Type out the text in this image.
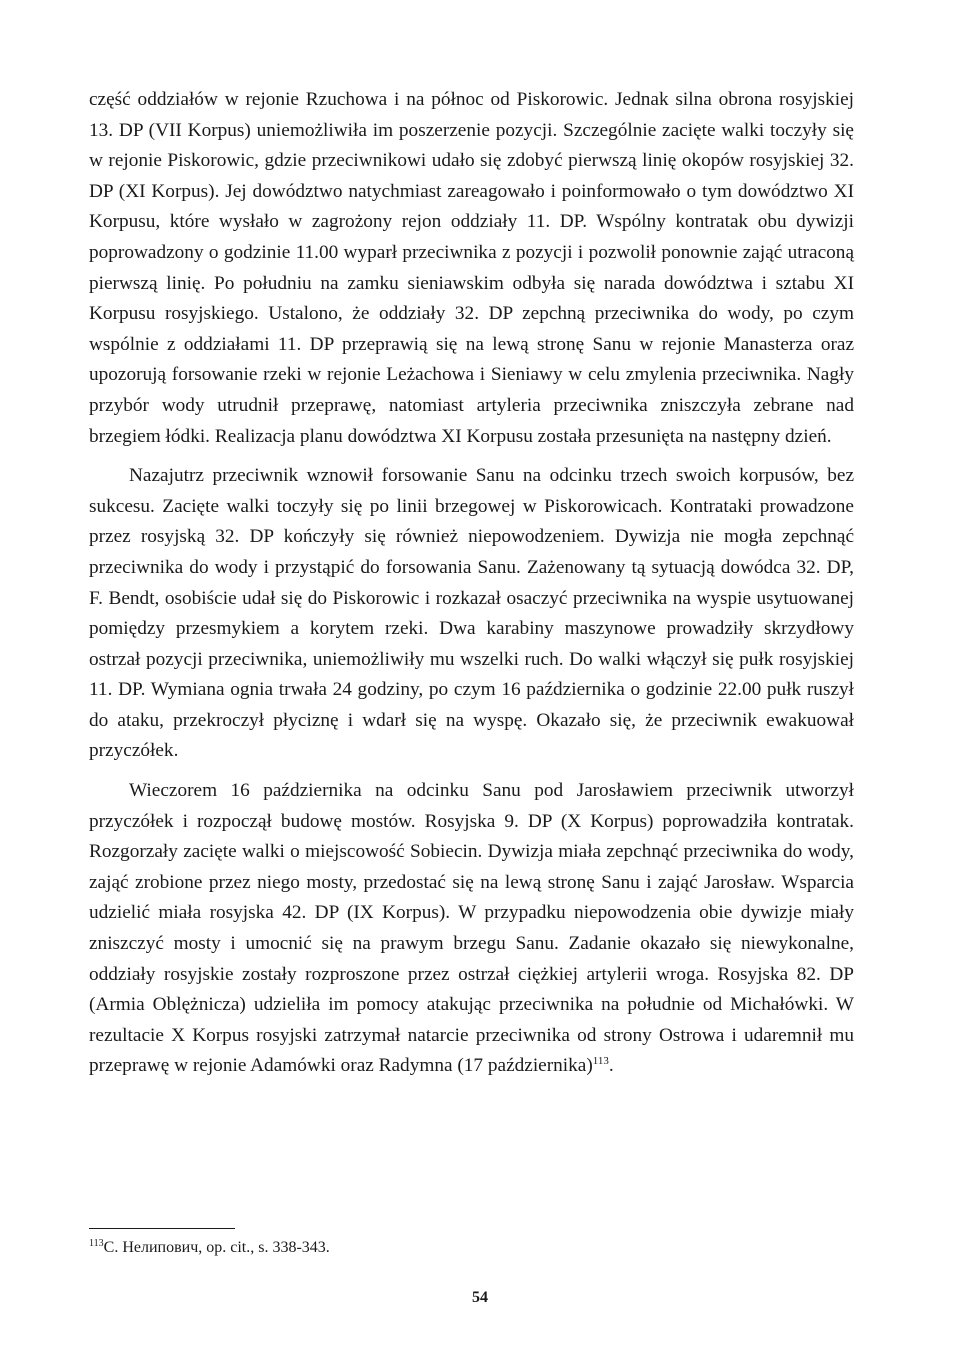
część oddziałów w rejonie Rzuchowa i na północ od Piskorowic. Jednak silna obrona rosyjskiej 13. DP (VII Korpus) uniemożliwiła im poszerzenie pozycji. Szczególnie zacięte walki toczyły się w rejonie Piskorowic, gdzie przeciwnikowi udało się zdobyć pierwszą linię okopów rosyjskiej 32. DP (XI Korpus). Jej dowództwo natychmiast zareagowało i poinformowało o tym dowództwo XI Korpusu, które wysłało w zagrożony rejon oddziały 11. DP. Wspólny kontratak obu dywizji poprowadzony o godzinie 11.00 wyparł przeciwnika z pozycji i pozwolił ponownie zająć utraconą pierwszą linię. Po południu na zamku sieniawskim odbyła się narada dowództwa i sztabu XI Korpusu rosyjskiego. Ustalono, że oddziały 32. DP zepchną przeciwnika do wody, po czym wspólnie z oddziałami 11. DP przeprawią się na lewą stronę Sanu w rejonie Manasterza oraz upozorują forsowanie rzeki w rejonie Leżachowa i Sieniawy w celu zmylenia przeciwnika. Nagły przybór wody utrudnił przeprawę, natomiast artyleria przeciwnika zniszczyła zebrane nad brzegiem łódki. Realizacja planu dowództwa XI Korpusu została przesunięta na następny dzień.

Nazajutrz przeciwnik wznowił forsowanie Sanu na odcinku trzech swoich korpusów, bez sukcesu. Zacięte walki toczyły się po linii brzegowej w Piskorowicach. Kontrataki prowadzone przez rosyjską 32. DP kończyły się również niepowodzeniem. Dywizja nie mogła zepchnąć przeciwnika do wody i przystąpić do forsowania Sanu. Zażenowany tą sytuacją dowódca 32. DP, F. Bendt, osobiście udał się do Piskorowic i rozkazał osaczyć przeciwnika na wyspie usytuowanej pomiędzy przesmykiem a korytem rzeki. Dwa karabiny maszynowe prowadziły skrzydłowy ostrzał pozycji przeciwnika, uniemożliwiły mu wszelki ruch. Do walki włączył się pułk rosyjskiej 11. DP. Wymiana ognia trwała 24 godziny, po czym 16 października o godzinie 22.00 pułk ruszył do ataku, przekroczył płyciznę i wdarł się na wyspę. Okazało się, że przeciwnik ewakuował przyczółek.

Wieczorem 16 października na odcinku Sanu pod Jarosławiem przeciwnik utworzył przyczółek i rozpoczął budowę mostów. Rosyjska 9. DP (X Korpus) poprowadziła kontratak. Rozgorzały zacięte walki o miejscowość Sobiecin. Dywizja miała zepchnąć przeciwnika do wody, zająć zrobione przez niego mosty, przedostać się na lewą stronę Sanu i zająć Jarosław. Wsparcia udzielić miała rosyjska 42. DP (IX Korpus). W przypadku niepowodzenia obie dywizje miały zniszczyć mosty i umocnić się na prawym brzegu Sanu. Zadanie okazało się niewykonalne, oddziały rosyjskie zostały rozproszone przez ostrzał ciężkiej artylerii wroga. Rosyjska 82. DP (Armia Oblężnicza) udzieliła im pomocy atakując przeciwnika na południe od Michałówki. W rezultacie X Korpus rosyjski zatrzymał natarcie przeciwnika od strony Ostrowa i udaremnił mu przeprawę w rejonie Adamówki oraz Radymna (17 października)$^{113}$.

$^{113}$С. Нелипович, op. cit., s. 338-343.
54
